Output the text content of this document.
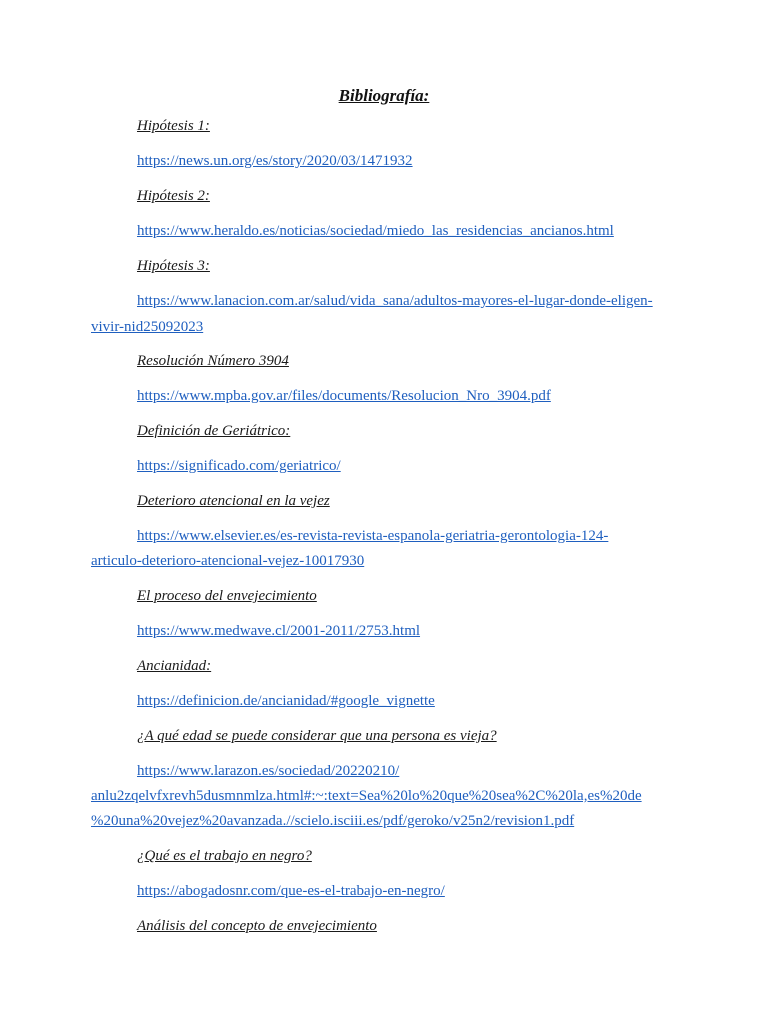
Bibliografía:
Hipótesis 1:
https://news.un.org/es/story/2020/03/1471932
Hipótesis 2:
https://www.heraldo.es/noticias/sociedad/miedo_las_residencias_ancianos.html
Hipótesis 3:
https://www.lanacion.com.ar/salud/vida_sana/adultos-mayores-el-lugar-donde-eligen-
vivir-nid25092023
Resolución Número 3904
https://www.mpba.gov.ar/files/documents/Resolucion_Nro_3904.pdf
Definición de Geriátrico:
https://significado.com/geriatrico/
Deterioro atencional en la vejez
https://www.elsevier.es/es-revista-revista-espanola-geriatria-gerontologia-124-
articulo-deterioro-atencional-vejez-10017930
El proceso del envejecimiento
https://www.medwave.cl/2001-2011/2753.html
Ancianidad:
https://definicion.de/ancianidad/#google_vignette
¿A qué edad se puede considerar que una persona es vieja?
https://www.larazon.es/sociedad/20220210/
anlu2zqelvfxrevh5dusmnmlza.html#:~:text=Sea%20lo%20que%20sea%2C%20la,es%20de
%20una%20vejez%20avanzada.//scielo.isciii.es/pdf/geroko/v25n2/revision1.pdf
¿Qué es el trabajo en negro?
https://abogadosnr.com/que-es-el-trabajo-en-negro/
Análisis del concepto de envejecimiento
